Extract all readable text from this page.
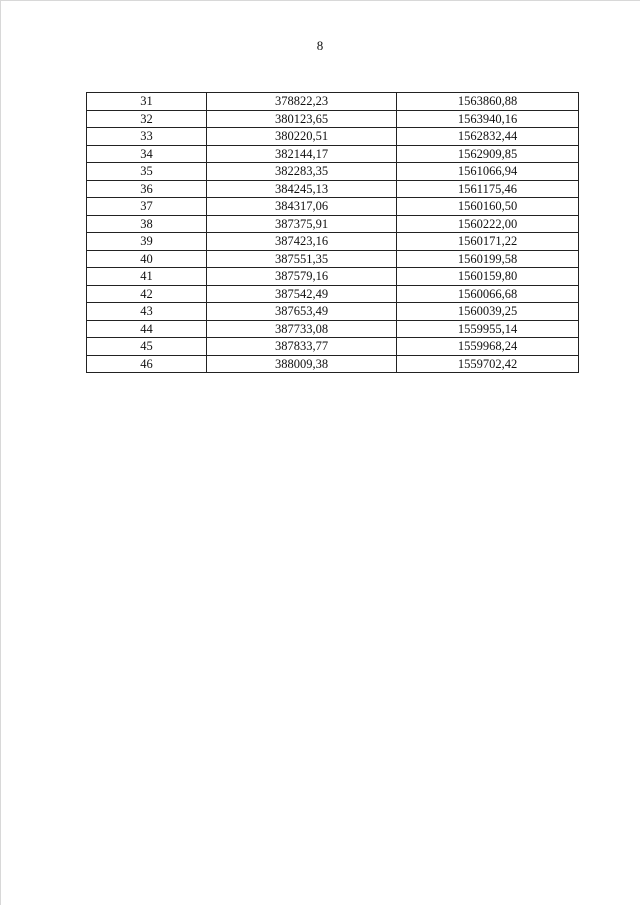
8
31	378822,23	1563860,88
32	380123,65	1563940,16
33	380220,51	1562832,44
34	382144,17	1562909,85
35	382283,35	1561066,94
36	384245,13	1561175,46
37	384317,06	1560160,50
38	387375,91	1560222,00
39	387423,16	1560171,22
40	387551,35	1560199,58
41	387579,16	1560159,80
42	387542,49	1560066,68
43	387653,49	1560039,25
44	387733,08	1559955,14
45	387833,77	1559968,24
46	388009,38	1559702,42
